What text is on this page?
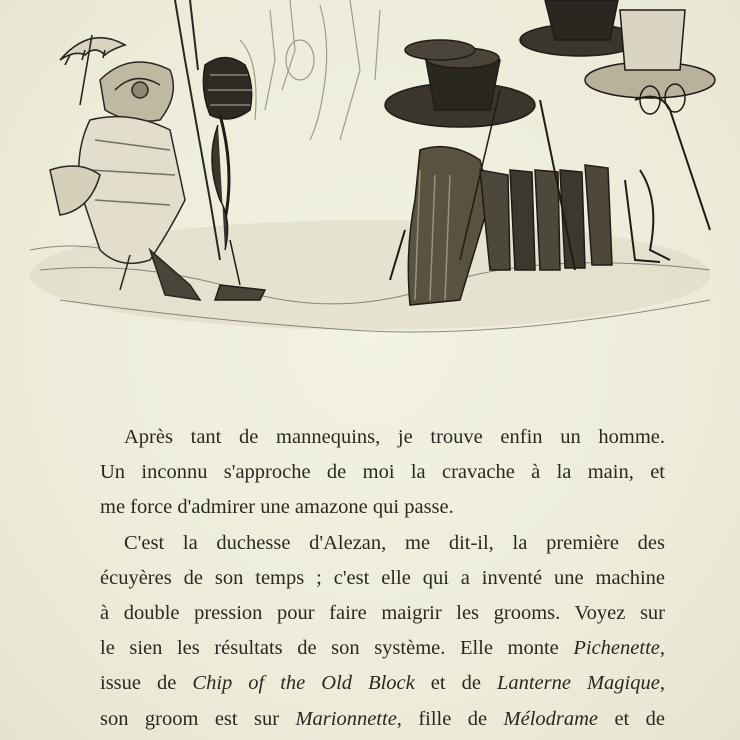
Après tant de mannequins, je trouve enfin un homme.
Un inconnu s'approche de moi la cravache à la main, et
me force d'admirer une amazone qui passe.

C'est la duchesse d'Alezan, me dit-il, la première des
écuyères de son temps ; c'est elle qui a inventé une machine
à double pression pour faire maigrir les grooms. Voyez sur
le sien les résultats de son système. Elle monte Pichenette,
issue de Chip of the Old Block et de Lanterne Magique,
son groom est sur Marionnette, fille de Mélodrame et de
